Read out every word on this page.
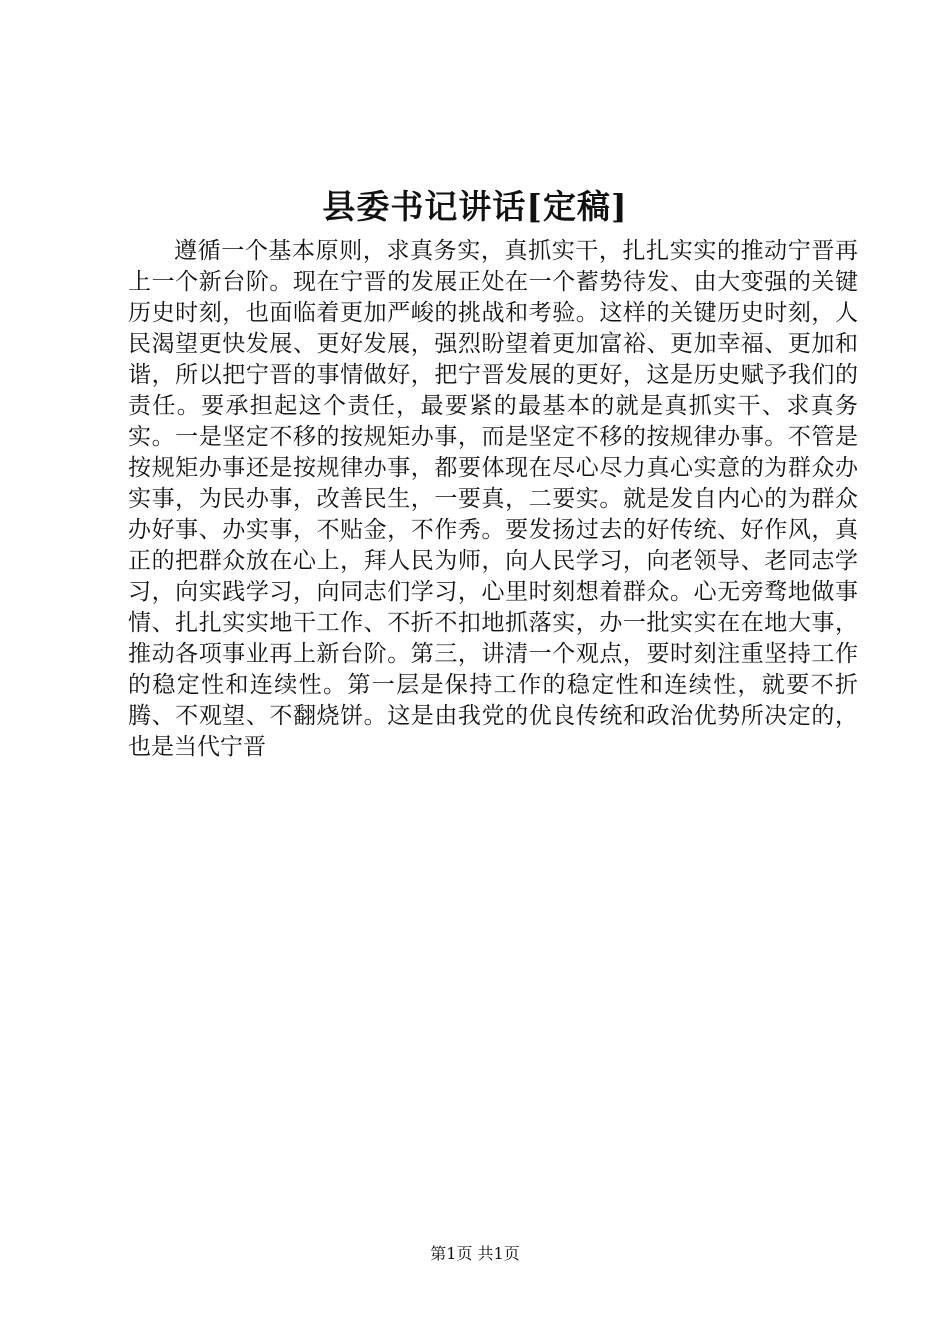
县委书记讲话[定稿]

遵循一个基本原则，求真务实，真抓实干，扎扎实实的推动宁晋再上一个新台阶。现在宁晋的发展正处在一个蓄势待发、由大变强的关键历史时刻，也面临着更加严峻的挑战和考验。这样的关键历史时刻，人民渴望更快发展、更好发展，强烈盼望着更加富裕、更加幸福、更加和谐，所以把宁晋的事情做好，把宁晋发展的更好，这是历史赋予我们的责任。要承担起这个责任，最要紧的最基本的就是真抓实干、求真务实。一是坚定不移的按规矩办事，而是坚定不移的按规律办事。不管是按规矩办事还是按规律办事，都要体现在尽心尽力真心实意的为群众办实事，为民办事，改善民生，一要真，二要实。就是发自内心的为群众办好事、办实事，不贴金，不作秀。要发扬过去的好传统、好作风，真正的把群众放在心上，拜人民为师，向人民学习，向老领导、老同志学习，向实践学习，向同志们学习，心里时刻想着群众。心无旁骛地做事情、扎扎实实地干工作、不折不扣地抓落实，办一批实实在在地大事，推动各项事业再上新台阶。第三，讲清一个观点，要时刻注重坚持工作的稳定性和连续性。第一层是保持工作的稳定性和连续性，就要不折腾、不观望、不翻烧饼。这是由我党的优良传统和政治优势所决定的，也是当代宁晋

第1页 共1页
